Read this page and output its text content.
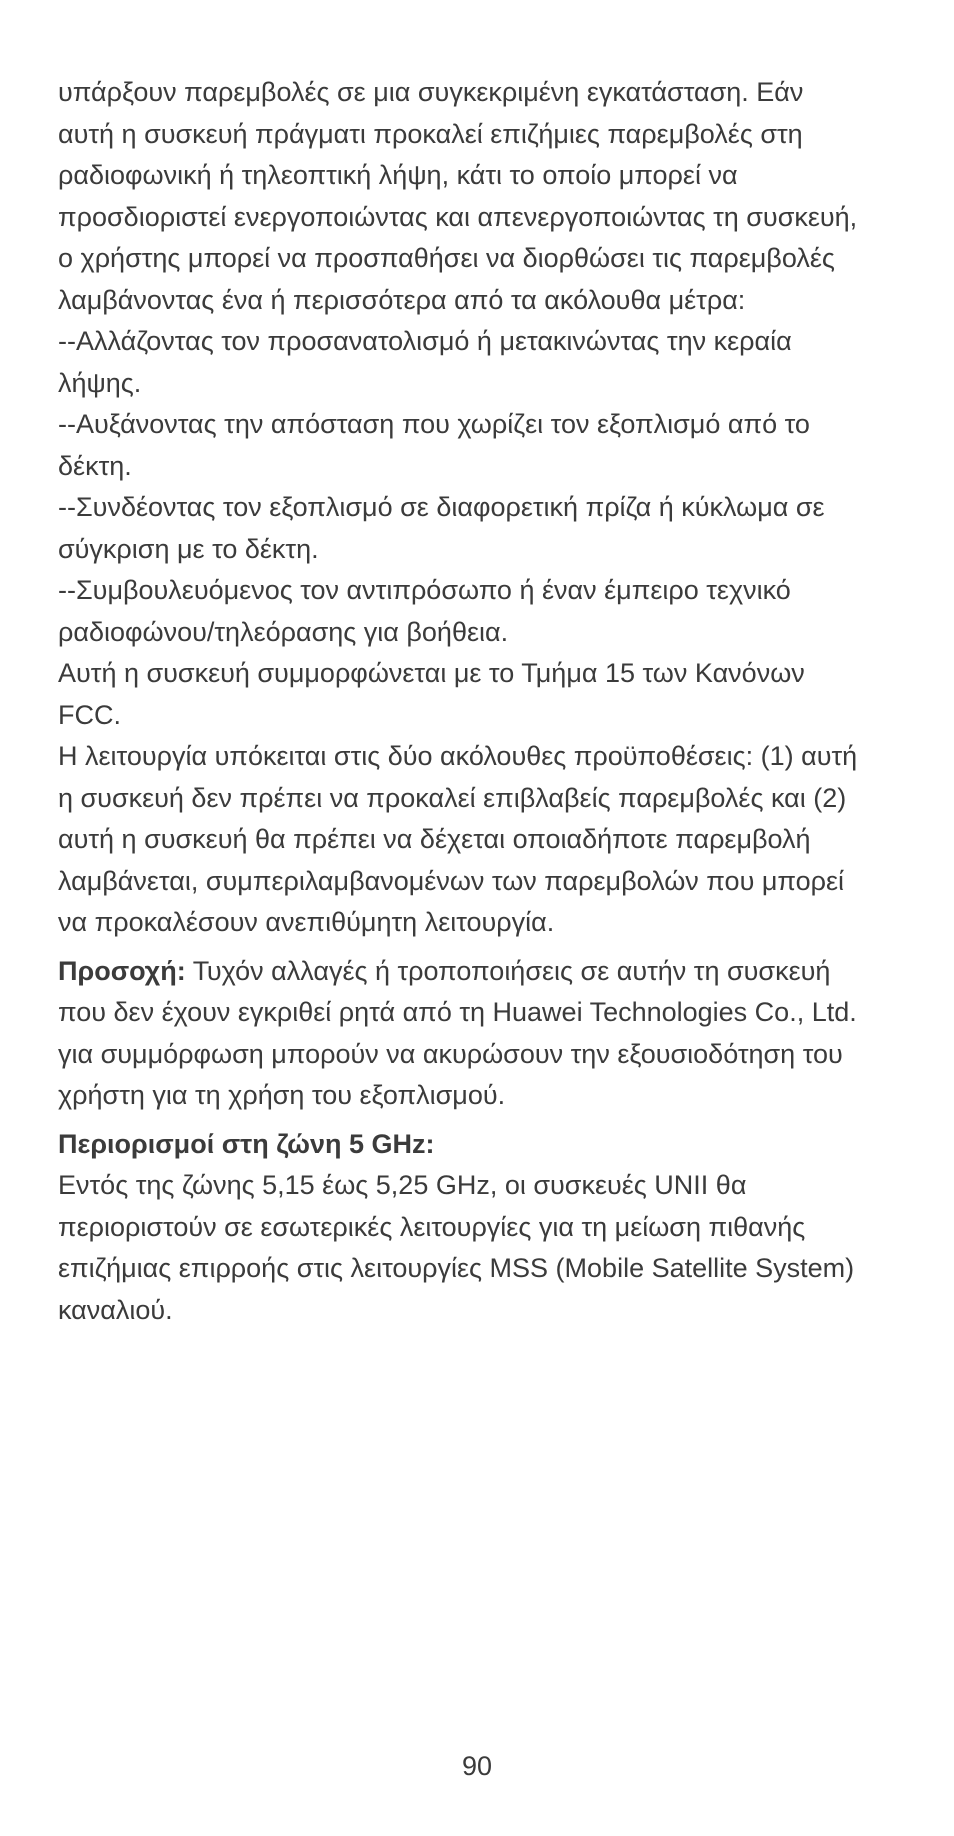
υπάρξουν παρεμβολές σε μια συγκεκριμένη εγκατάσταση. Εάν αυτή η συσκευή πράγματι προκαλεί επιζήμιες παρεμβολές στη ραδιοφωνική ή τηλεοπτική λήψη, κάτι το οποίο μπορεί να προσδιοριστεί ενεργοποιώντας και απενεργοποιώντας τη συσκευή, ο χρήστης μπορεί να προσπαθήσει να διορθώσει τις παρεμβολές λαμβάνοντας ένα ή περισσότερα από τα ακόλουθα μέτρα:

--Αλλάζοντας τον προσανατολισμό ή μετακινώντας την κεραία λήψης.

--Αυξάνοντας την απόσταση που χωρίζει τον εξοπλισμό από το δέκτη.

--Συνδέοντας τον εξοπλισμό σε διαφορετική πρίζα ή κύκλωμα σε σύγκριση με το δέκτη.

--Συμβουλευόμενος τον αντιπρόσωπο ή έναν έμπειρο τεχνικό ραδιοφώνου/τηλεόρασης για βοήθεια.

Αυτή η συσκευή συμμορφώνεται με το Τμήμα 15 των Κανόνων FCC.

Η λειτουργία υπόκειται στις δύο ακόλουθες προϋποθέσεις: (1) αυτή η συσκευή δεν πρέπει να προκαλεί επιβλαβείς παρεμβολές και (2) αυτή η συσκευή θα πρέπει να δέχεται οποιαδήποτε παρεμβολή λαμβάνεται, συμπεριλαμβανομένων των παρεμβολών που μπορεί να προκαλέσουν ανεπιθύμητη λειτουργία.

Προσοχή: Τυχόν αλλαγές ή τροποποιήσεις σε αυτήν τη συσκευή που δεν έχουν εγκριθεί ρητά από τη Huawei Technologies Co., Ltd. για συμμόρφωση μπορούν να ακυρώσουν την εξουσιοδότηση του χρήστη για τη χρήση του εξοπλισμού.

Περιορισμοί στη ζώνη 5 GHz:

Εντός της ζώνης 5,15 έως 5,25 GHz, οι συσκευές UNII θα περιοριστούν σε εσωτερικές λειτουργίες για τη μείωση πιθανής επιζήμιας επιρροής στις λειτουργίες MSS (Mobile Satellite System) καναλιού.

90
